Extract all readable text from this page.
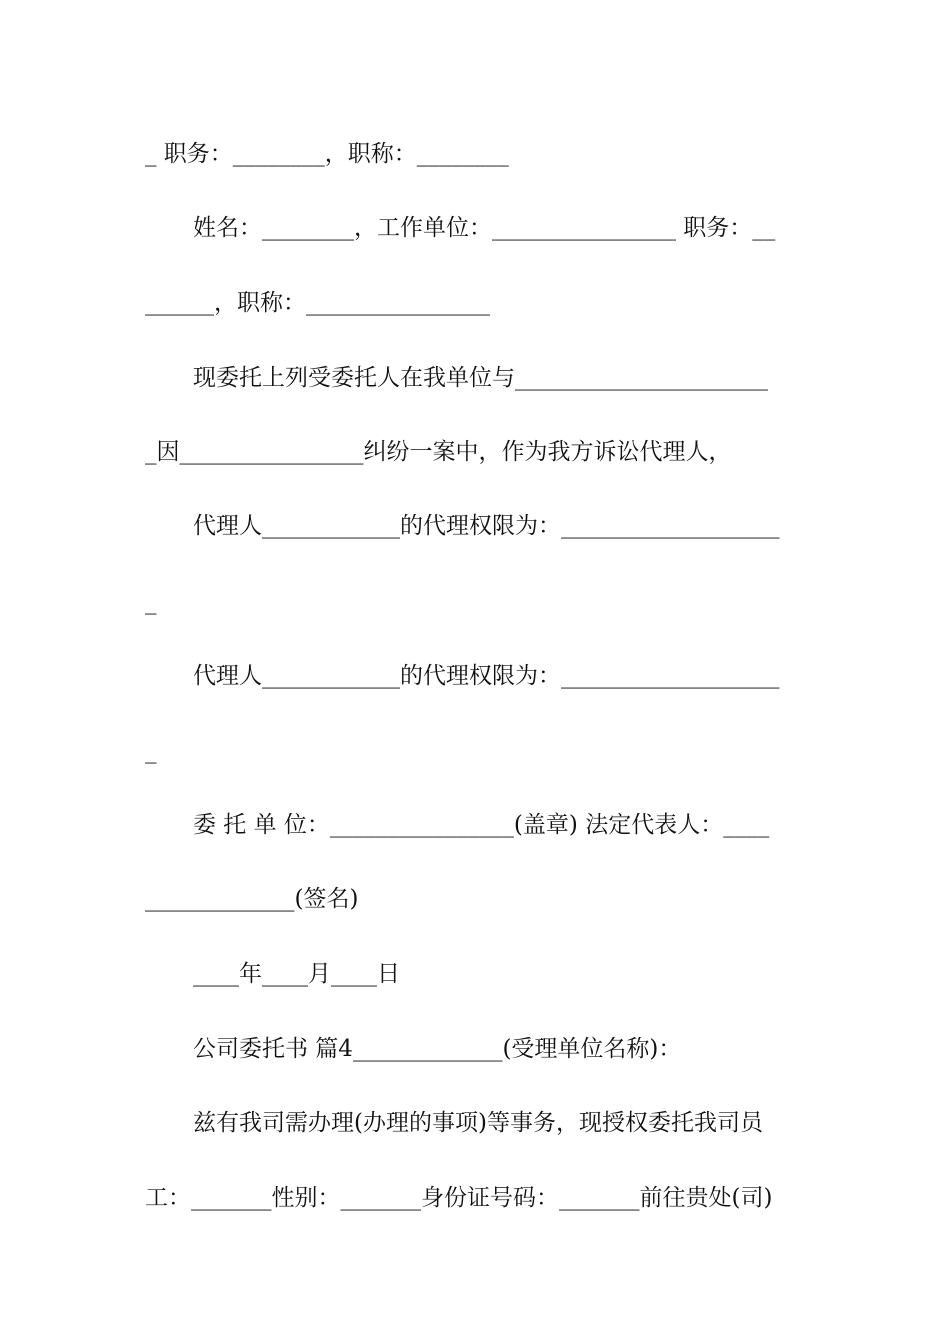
_ 职务：________，职称：________

姓名：________，工作单位：________________ 职务：__

______，职称：________________

现委托上列受委托人在我单位与______________________

_因________________纠纷一案中，作为我方诉讼代理人，

代理人____________的代理权限为：___________________

_

代理人____________的代理权限为：___________________

_

委 托 单 位：________________(盖章) 法定代表人：____

_____________(签名)

____年____月____日

公司委托书 篇4_____________(受理单位名称)：

兹有我司需办理(办理的事项)等事务，现授权委托我司员

工：_______性别：_______身份证号码：_______前往贵处(司)
